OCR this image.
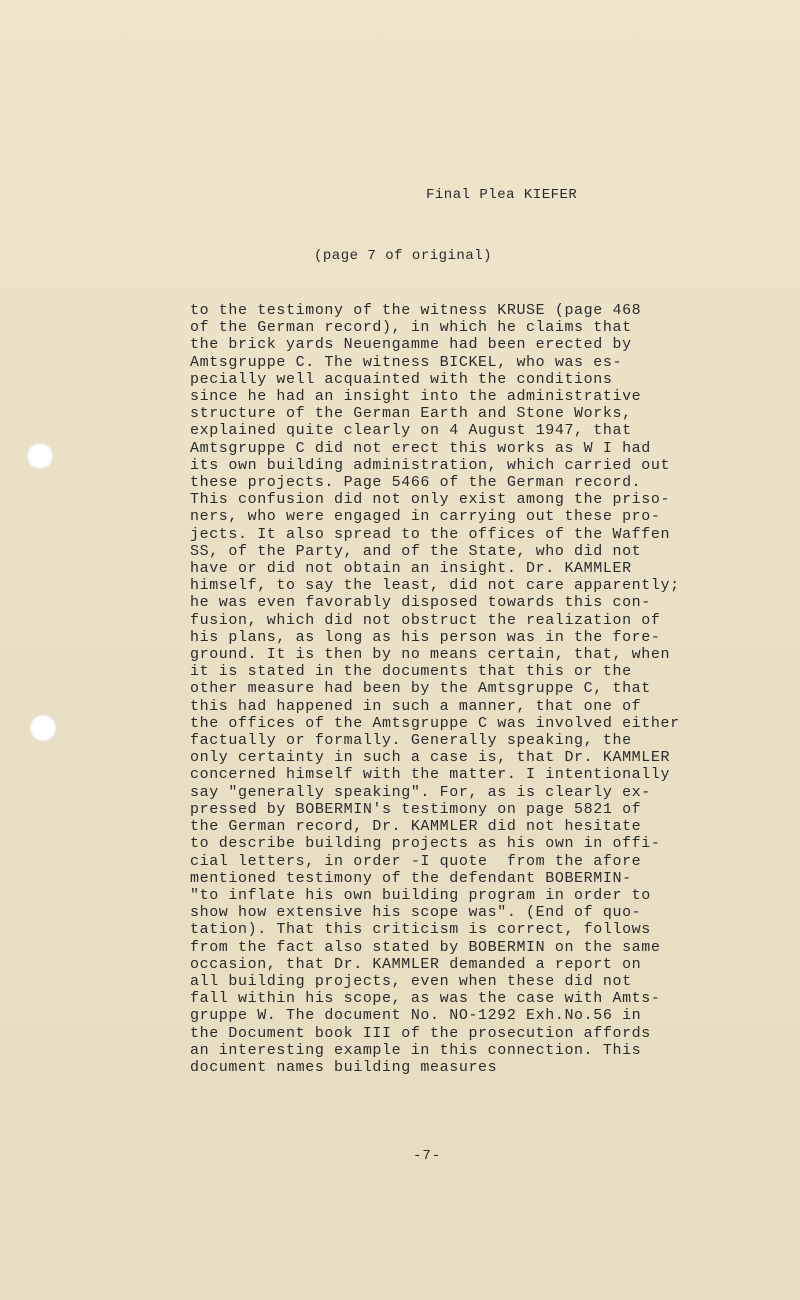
Final Plea KIEFER
(page 7 of original)
to the testimony of the witness KRUSE (page 468
of the German record), in which he claims that
the brick yards Neuengamme had been erected by
Amtsgruppe C. The witness BICKEL, who was es-
pecially well acquainted with the conditions
since he had an insight into the administrative
structure of the German Earth and Stone Works,
explained quite clearly on 4 August 1947, that
Amtsgruppe C did not erect this works as W I had
its own building administration, which carried out
these projects. Page 5466 of the German record.
This confusion did not only exist among the priso-
ners, who were engaged in carrying out these pro-
jects. It also spread to the offices of the Waffen
SS, of the Party, and of the State, who did not
have or did not obtain an insight. Dr. KAMMLER
himself, to say the least, did not care apparently;
he was even favorably disposed towards this con-
fusion, which did not obstruct the realization of
his plans, as long as his person was in the fore-
ground. It is then by no means certain, that, when
it is stated in the documents that this or the
other measure had been by the Amtsgruppe C, that
this had happened in such a manner, that one of
the offices of the Amtsgruppe C was involved either
factually or formally. Generally speaking, the
only certainty in such a case is, that Dr. KAMMLER
concerned himself with the matter. I intentionally
say "generally speaking". For, as is clearly ex-
pressed by BOBERMIN's testimony on page 5821 of
the German record, Dr. KAMMLER did not hesitate
to describe building projects as his own in offi-
cial letters, in order -I quote  from the afore
mentioned testimony of the defendant BOBERMIN-
"to inflate his own building program in order to
show how extensive his scope was". (End of quo-
tation). That this criticism is correct, follows
from the fact also stated by BOBERMIN on the same
occasion, that Dr. KAMMLER demanded a report on
all building projects, even when these did not
fall within his scope, as was the case with Amts-
gruppe W. The document No. NO-1292 Exh.No.56 in
the Document book III of the prosecution affords
an interesting example in this connection. This
document names building measures
-7-
